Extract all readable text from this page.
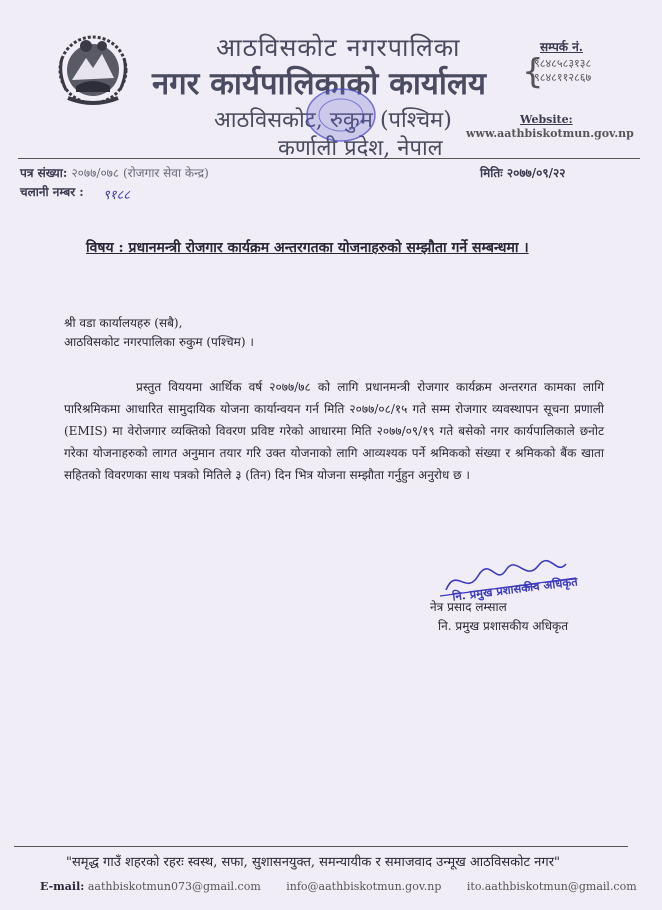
आठविसकोट नगरपालिका
नगर कार्यपालिकाको कार्यालय
आठविसकोट, रुकुम (पश्चिम)
कर्णाली प्रदेश, नेपाल
सम्पर्क नं.
{
९८४८५८३१३८
९८४८११२८६७
Website:
www.aathbiskotmun.gov.np
पत्र संख्या: २०७७/०७८ (रोजगार सेवा केन्द्र)
चलानी नम्बर : ९१८८
मितिः २०७७/०९/२२
विषय : प्रधानमन्त्री रोजगार कार्यक्रम अन्तरगतका योजनाहरुको सम्झौता गर्ने सम्बन्धमा ।
श्री वडा कार्यालयहरु (सबै),
आठविसकोट नगरपालिका रुकुम (पश्चिम) ।
प्रस्तुत विययमा आर्थिक वर्ष २०७७/७८ को लागि प्रधानमन्त्री रोजगार कार्यक्रम अन्तरगत कामका लागि पारिश्रमिकमा आधारित सामुदायिक योजना कार्यान्वयन गर्न मिति २०७७/०८/१५ गते सम्म रोजगार व्यवस्थापन सूचना प्रणाली (EMIS) मा वेरोजगार व्यक्तिको विवरण प्रविष्ट गरेको आधारमा मिति २०७७/०९/१९ गते बसेको नगर कार्यपालिकाले छनोट गरेका योजनाहरुको लागत अनुमान तयार गरि उक्त योजनाको लागि आव्यश्यक पर्ने श्रमिकको संख्या र श्रमिकको बैंक खाता सहितको विवरणका साथ पत्रको मितिले ३ (तिन) दिन भित्र योजना सम्झौता गर्नुहुन अनुरोध छ ।
नि. प्रमुख प्रशासकीय अधिकृत
नेत्र प्रसाद लम्साल
नि. प्रमुख प्रशासकीय अधिकृत
"समृद्ध गाउँ शहरको रहरः स्वस्थ, सफा, सुशासनयुक्त, समन्यायीक र समाजवाद उन्मूख आठविसकोट नगर"
E-mail: aathbiskotmun073@gmail.com info@aathbiskotmun.gov.np ito.aathbiskotmun@gmail.com
